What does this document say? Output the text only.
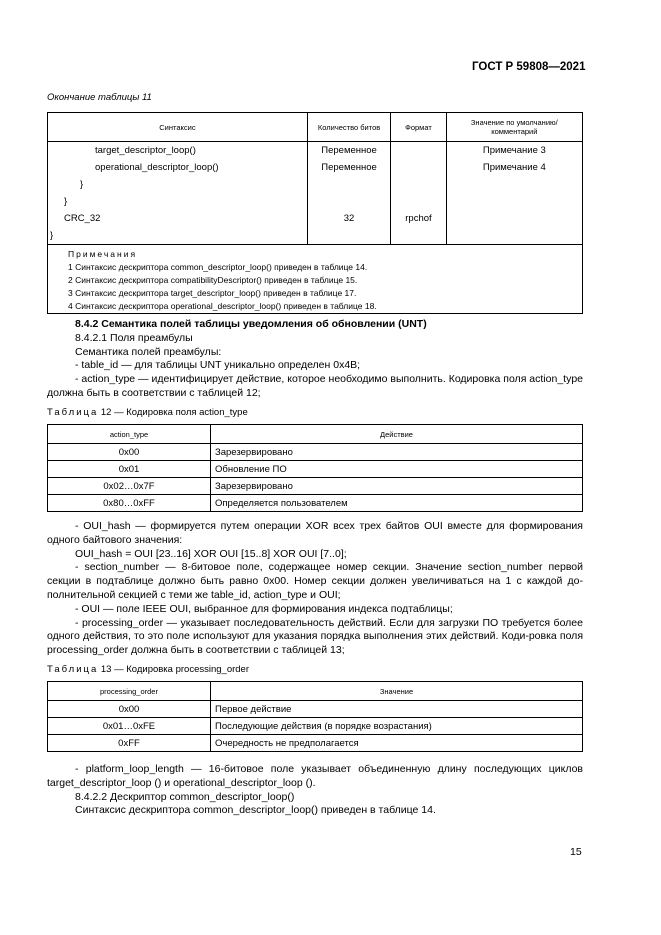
ГОСТ Р 59808—2021
Окончание таблицы 11
Синтаксис	Количество битов	Формат	Значение по умолчанию/ комментарий
target_descriptor_loop()	Переменное		Примечание 3
operational_descriptor_loop()	Переменное		Примечание 4
}			
}			
CRC_32	32	rpchof	
}			

Примечания
1 Синтаксис дескриптора common_descriptor_loop() приведен в таблице 14.
2 Синтаксис дескриптора compatibilityDescriptor() приведен в таблице 15.
3 Синтаксис дескриптора target_descriptor_loop() приведен в таблице 17.
4 Синтаксис дескриптора operational_descriptor_loop() приведен в таблице 18.			
8.4.2 Семантика полей таблицы уведомления об обновлении (UNT)
8.4.2.1 Поля преамбулы
Семантика полей преамбулы:
- table_id — для таблицы UNT уникально определен 0x4B;
- action_type — идентифицирует действие, которое необходимо выполнить. Кодировка поля action_type должна быть в соответствии с таблицей 12;
Таблица 12 — Кодировка поля action_type
action_type	Действие
0x00	Зарезервировано
0x01	Обновление ПО
0x02…0x7F	Зарезервировано
0x80…0xFF	Определяется пользователем
- OUI_hash — формируется путем операции XOR всех трех байтов OUI вместе для формирования одного байтового значения:
OUI_hash = OUI [23..16] XOR OUI [15..8] XOR OUI [7..0];
- section_number — 8-битовое поле, содержащее номер секции. Значение section_number первой секции в подтаблице должно быть равно 0x00. Номер секции должен увеличиваться на 1 с каждой до-полнительной секцией с теми же table_id, action_type и OUI;
- OUI — поле IEEE OUI, выбранное для формирования индекса подтаблицы;
- processing_order — указывает последовательность действий. Если для загрузки ПО требуется более одного действия, то это поле используют для указания порядка выполнения этих действий. Коди-ровка поля processing_order должна быть в соответствии с таблицей 13;
Таблица 13 — Кодировка processing_order
processing_order	Значение
0x00	Первое действие
0x01…0xFE	Последующие действия (в порядке возрастания)
0xFF	Очередность не предполагается
- platform_loop_length — 16-битовое поле указывает объединенную длину последующих циклов target_descriptor_loop () и operational_descriptor_loop ().
8.4.2.2 Дескриптор common_descriptor_loop()
Синтаксис дескриптора common_descriptor_loop() приведен в таблице 14.
15
